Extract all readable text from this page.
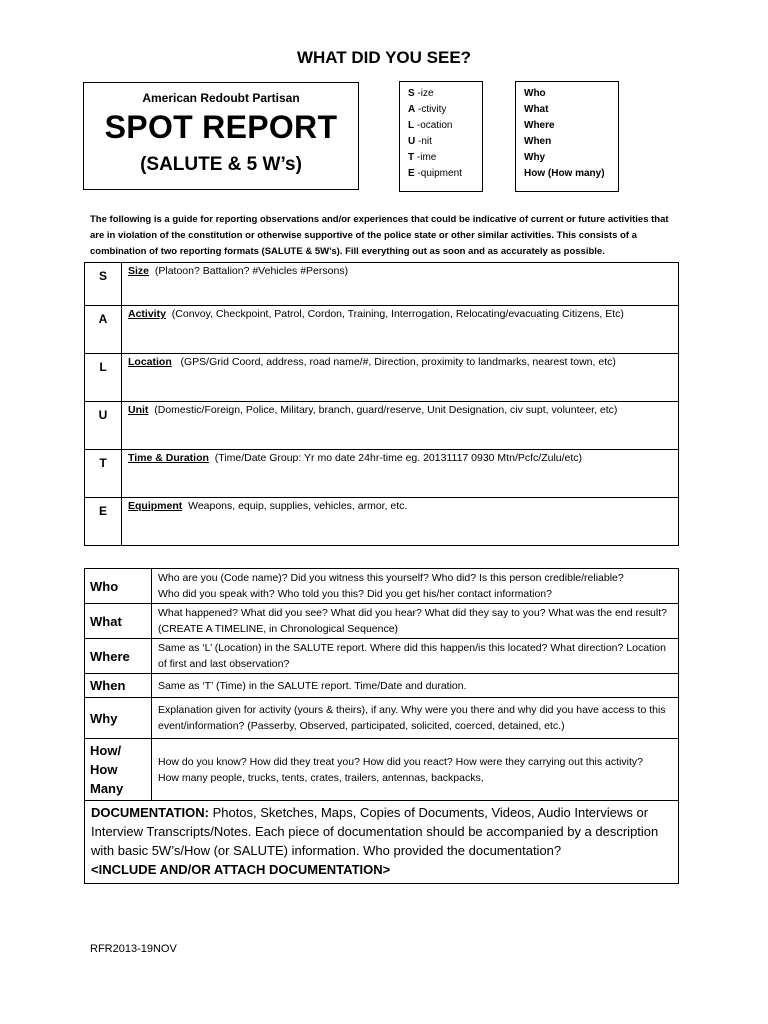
WHAT DID YOU SEE?
American Redoubt Partisan
SPOT REPORT
(SALUTE & 5 W’s)
S -ize
A -ctivity
L -ocation
U -nit
T -ime
E -quipment
Who
What
Where
When
Why
How (How many)
The following is a guide for reporting observations and/or experiences that could be indicative of current or future activities that are in violation of the constitution or otherwise supportive of the police state or other similar activities. This consists of a combination of two reporting formats (SALUTE & 5W’s). Fill everything out as soon and as accurately as possible.
S	Size (Platoon? Battalion? #Vehicles #Persons)
A	Activity (Convoy, Checkpoint, Patrol, Cordon, Training, Interrogation, Relocating/evacuating Citizens, Etc)
L	Location (GPS/Grid Coord, address, road name/#, Direction, proximity to landmarks, nearest town, etc)
U	Unit (Domestic/Foreign, Police, Military, branch, guard/reserve, Unit Designation, civ supt, volunteer, etc)
T	Time & Duration (Time/Date Group: Yr mo date 24hr-time eg. 20131117 0930 Mtn/Pcfc/Zulu/etc)
E	Equipment Weapons, equip, supplies, vehicles, armor, etc.
Who	Who are you (Code name)? Did you witness this yourself? Who did? Is this person credible/reliable?
Who did you speak with? Who told you this? Did you get his/her contact information?
What	What happened? What did you see? What did you hear? What did they say to you? What was the end result? (CREATE A TIMELINE, in Chronological Sequence)
Where	Same as ‘L’ (Location) in the SALUTE report. Where did this happen/is this located? What direction? Location of first and last observation?
When	Same as ‘T’ (Time) in the SALUTE report. Time/Date and duration.
Why	Explanation given for activity (yours & theirs), if any. Why were you there and why did you have access to this event/information? (Passerby, Observed, participated, solicited, coerced, detained, etc.)
How/
How
Many	How do you know? How did they treat you? How did you react? How were they carrying out this activity?
How many people, trucks, tents, crates, trailers, antennas, backpacks,
DOCUMENTATION: Photos, Sketches, Maps, Copies of Documents, Videos, Audio Interviews or Interview Transcripts/Notes. Each piece of documentation should be accompanied by a description with basic 5W’s/How (or SALUTE) information. Who provided the documentation?
<INCLUDE AND/OR ATTACH DOCUMENTATION>	
RFR2013-19NOV
